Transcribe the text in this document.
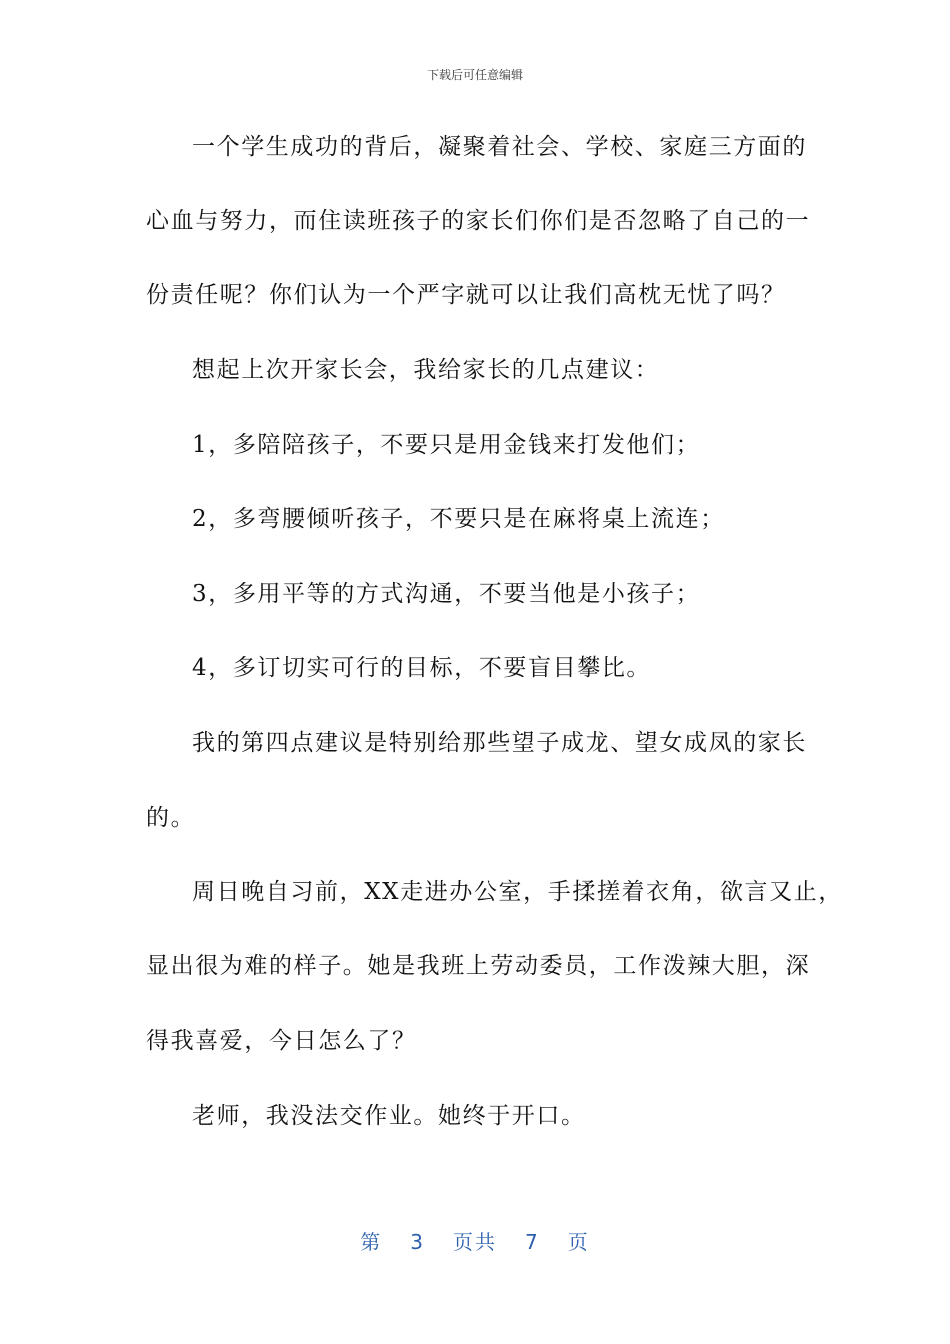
下载后可任意编辑
一个学生成功的背后，凝聚着社会、学校、家庭三方面的
心血与努力，而住读班孩子的家长们你们是否忽略了自己的一
份责任呢？你们认为一个严字就可以让我们高枕无忧了吗？
想起上次开家长会，我给家长的几点建议：
1，多陪陪孩子，不要只是用金钱来打发他们；
2，多弯腰倾听孩子，不要只是在麻将桌上流连；
3，多用平等的方式沟通，不要当他是小孩子；
4，多订切实可行的目标，不要盲目攀比。
我的第四点建议是特别给那些望子成龙、望女成凤的家长
的。
周日晚自习前，XX走进办公室，手揉搓着衣角，欲言又止，
显出很为难的样子。她是我班上劳动委员，工作泼辣大胆，深
得我喜爱，今日怎么了？
老师，我没法交作业。她终于开口。
第 3 页共 7 页
